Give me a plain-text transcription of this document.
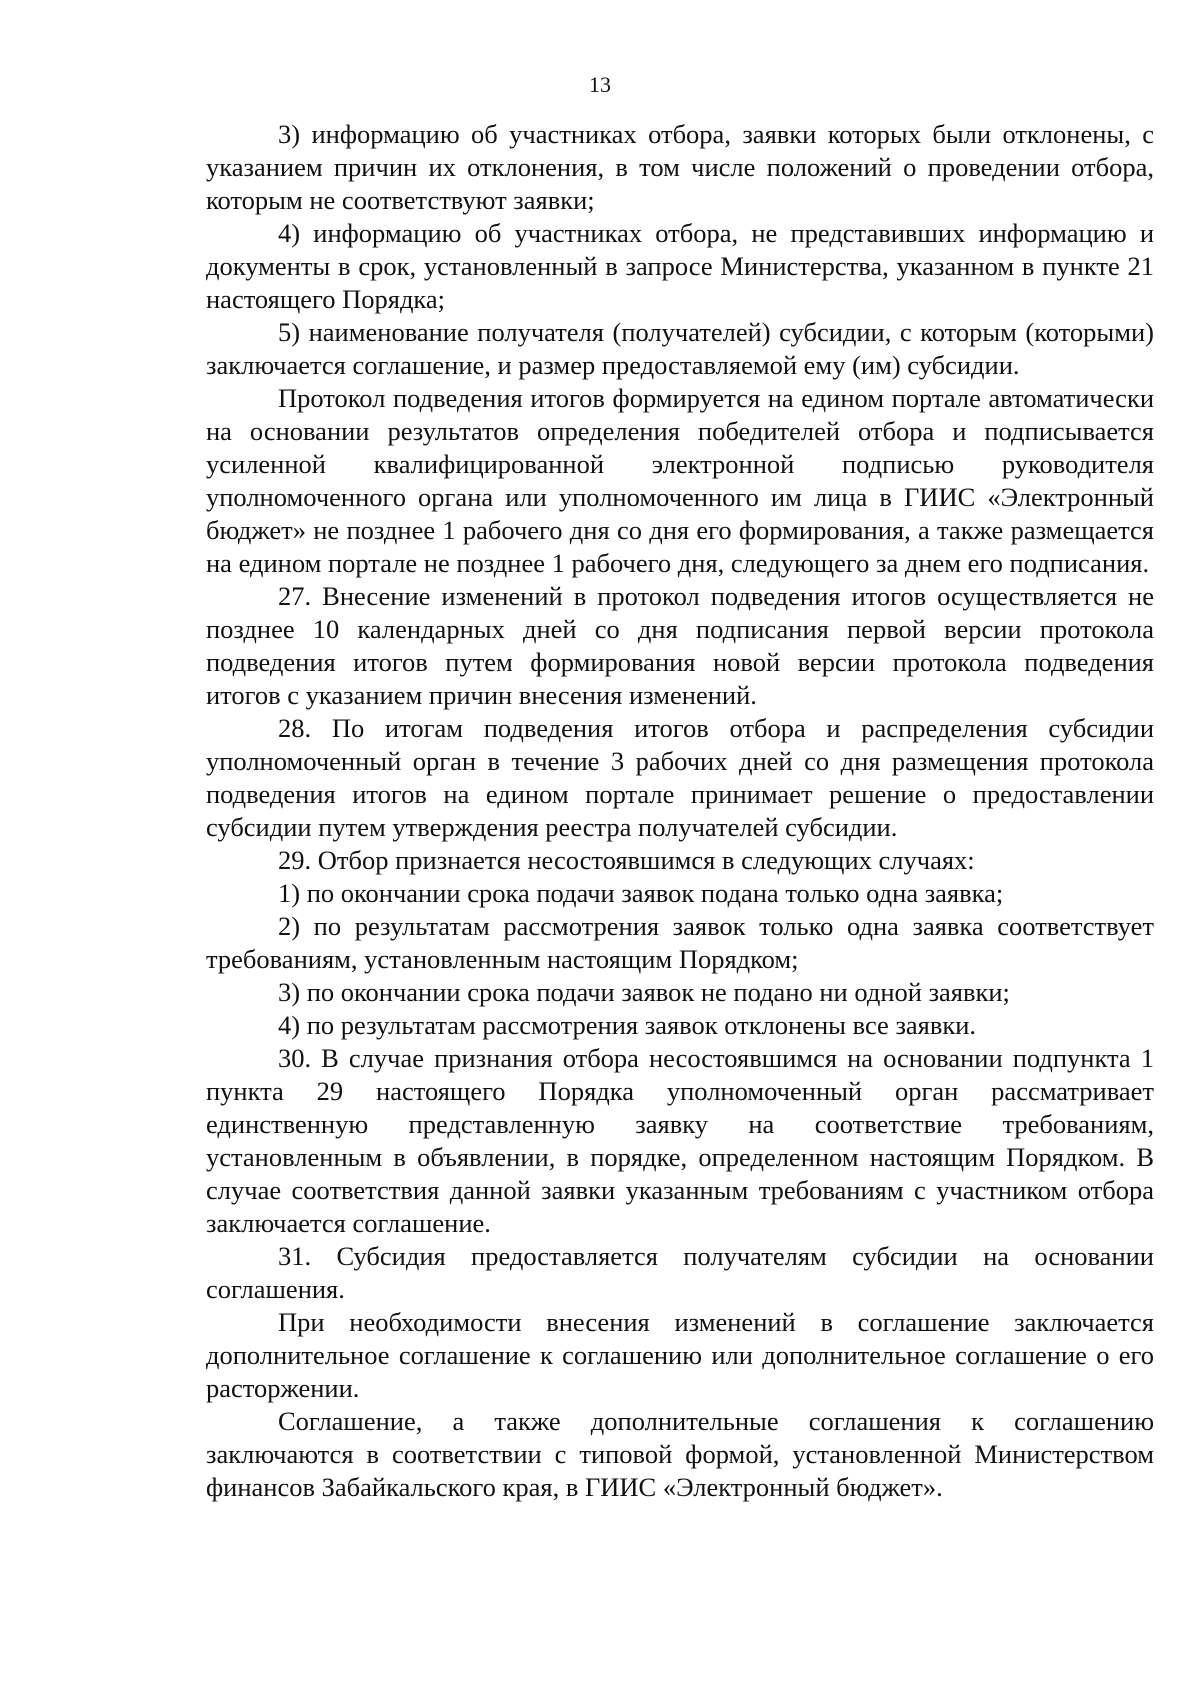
13

3) информацию об участниках отбора, заявки которых были отклонены, с указанием причин их отклонения, в том числе положений о проведении отбора, которым не соответствуют заявки;

4) информацию об участниках отбора, не представивших информацию и документы в срок, установленный в запросе Министерства, указанном в пункте 21 настоящего Порядка;

5) наименование получателя (получателей) субсидии, с которым (которыми) заключается соглашение, и размер предоставляемой ему (им) субсидии.

Протокол подведения итогов формируется на едином портале автоматически на основании результатов определения победителей отбора и подписывается усиленной квалифицированной электронной подписью руководителя уполномоченного органа или уполномоченного им лица в ГИИС «Электронный бюджет» не позднее 1 рабочего дня со дня его формирования, а также размещается на едином портале не позднее 1 рабочего дня, следующего за днем его подписания.

27. Внесение изменений в протокол подведения итогов осуществляется не позднее 10 календарных дней со дня подписания первой версии протокола подведения итогов путем формирования новой версии протокола подведения итогов с указанием причин внесения изменений.

28. По итогам подведения итогов отбора и распределения субсидии уполномоченный орган в течение 3 рабочих дней со дня размещения протокола подведения итогов на едином портале принимает решение о предоставлении субсидии путем утверждения реестра получателей субсидии.

29. Отбор признается несостоявшимся в следующих случаях:

1) по окончании срока подачи заявок подана только одна заявка;

2) по результатам рассмотрения заявок только одна заявка соответствует требованиям, установленным настоящим Порядком;

3) по окончании срока подачи заявок не подано ни одной заявки;

4) по результатам рассмотрения заявок отклонены все заявки.

30. В случае признания отбора несостоявшимся на основании подпункта 1 пункта 29 настоящего Порядка уполномоченный орган рассматривает единственную представленную заявку на соответствие требованиям, установленным в объявлении, в порядке, определенном настоящим Порядком. В случае соответствия данной заявки указанным требованиям с участником отбора заключается соглашение.

31. Субсидия предоставляется получателям субсидии на основании соглашения.

При необходимости внесения изменений в соглашение заключается дополнительное соглашение к соглашению или дополнительное соглашение о его расторжении.

Соглашение, а также дополнительные соглашения к соглашению заключаются в соответствии с типовой формой, установленной Министерством финансов Забайкальского края, в ГИИС «Электронный бюджет».
